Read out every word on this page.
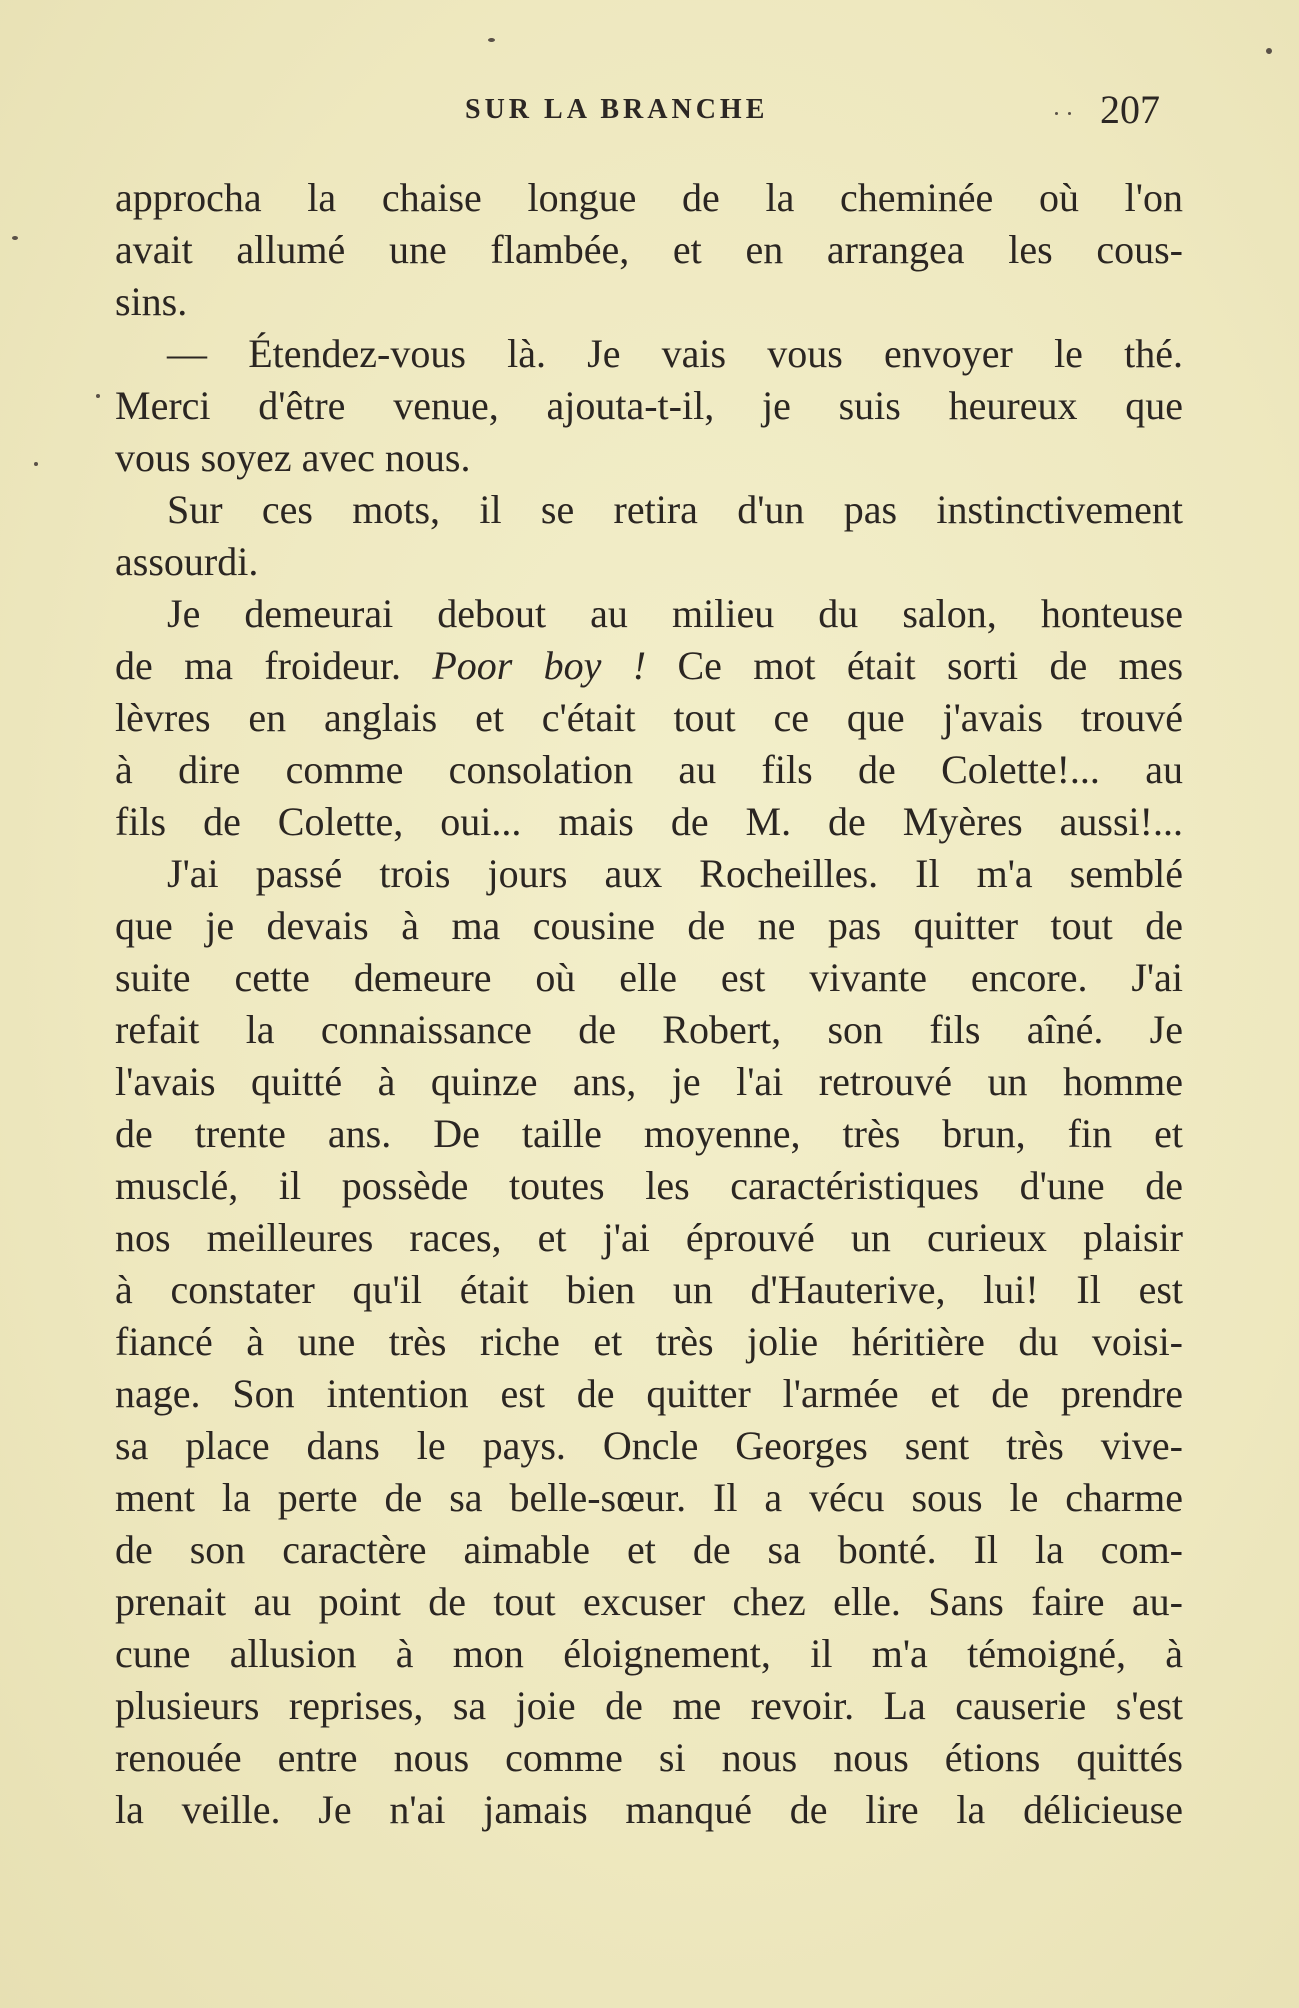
SUR LA BRANCHE	207
approcha la chaise longue de la cheminée où l'on
avait allumé une flambée, et en arrangea les cous-
sins.
— Étendez-vous là. Je vais vous envoyer le thé.
Merci d'être venue, ajouta-t-il, je suis heureux que
vous soyez avec nous.
Sur ces mots, il se retira d'un pas instinctivement
assourdi.
Je demeurai debout au milieu du salon, honteuse
de ma froideur. Poor boy ! Ce mot était sorti de mes
lèvres en anglais et c'était tout ce que j'avais trouvé
à dire comme consolation au fils de Colette!... au
fils de Colette, oui... mais de M. de Myères aussi!...
J'ai passé trois jours aux Rocheilles. Il m'a semblé
que je devais à ma cousine de ne pas quitter tout de
suite cette demeure où elle est vivante encore. J'ai
refait la connaissance de Robert, son fils aîné. Je
l'avais quitté à quinze ans, je l'ai retrouvé un homme
de trente ans. De taille moyenne, très brun, fin et
musclé, il possède toutes les caractéristiques d'une de
nos meilleures races, et j'ai éprouvé un curieux plaisir
à constater qu'il était bien un d'Hauterive, lui! Il est
fiancé à une très riche et très jolie héritière du voisi-
nage. Son intention est de quitter l'armée et de prendre
sa place dans le pays. Oncle Georges sent très vive-
ment la perte de sa belle-sœur. Il a vécu sous le charme
de son caractère aimable et de sa bonté. Il la com-
prenait au point de tout excuser chez elle. Sans faire au-
cune allusion à mon éloignement, il m'a témoigné, à
plusieurs reprises, sa joie de me revoir. La causerie s'est
renouée entre nous comme si nous nous étions quittés
la veille. Je n'ai jamais manqué de lire la délicieuse
